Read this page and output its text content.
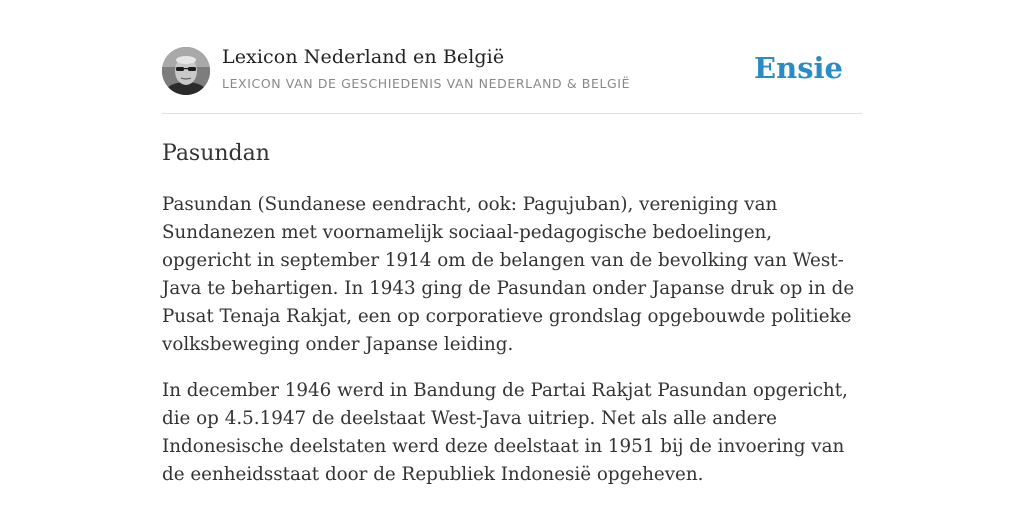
Lexicon Nederland en België
LEXICON VAN DE GESCHIEDENIS VAN NEDERLAND & BELGIË	Ensie
Pasundan

Pasundan (Sundanese eendracht, ook: Pagujuban), vereniging van Sundanezen met voornamelijk sociaal-pedagogische bedoelingen, opgericht in september 1914 om de belangen van de bevolking van West-Java te behartigen. In 1943 ging de Pasundan onder Japanse druk op in de Pusat Tenaja Rakjat, een op corporatieve grondslag opgebouwde politieke volksbeweging onder Japanse leiding.

In december 1946 werd in Bandung de Partai Rakjat Pasundan opgericht, die op 4.5.1947 de deelstaat West-Java uitriep. Net als alle andere Indonesische deelstaten werd deze deelstaat in 1951 bij de invoering van de eenheidsstaat door de Republiek Indonesië opgeheven.
